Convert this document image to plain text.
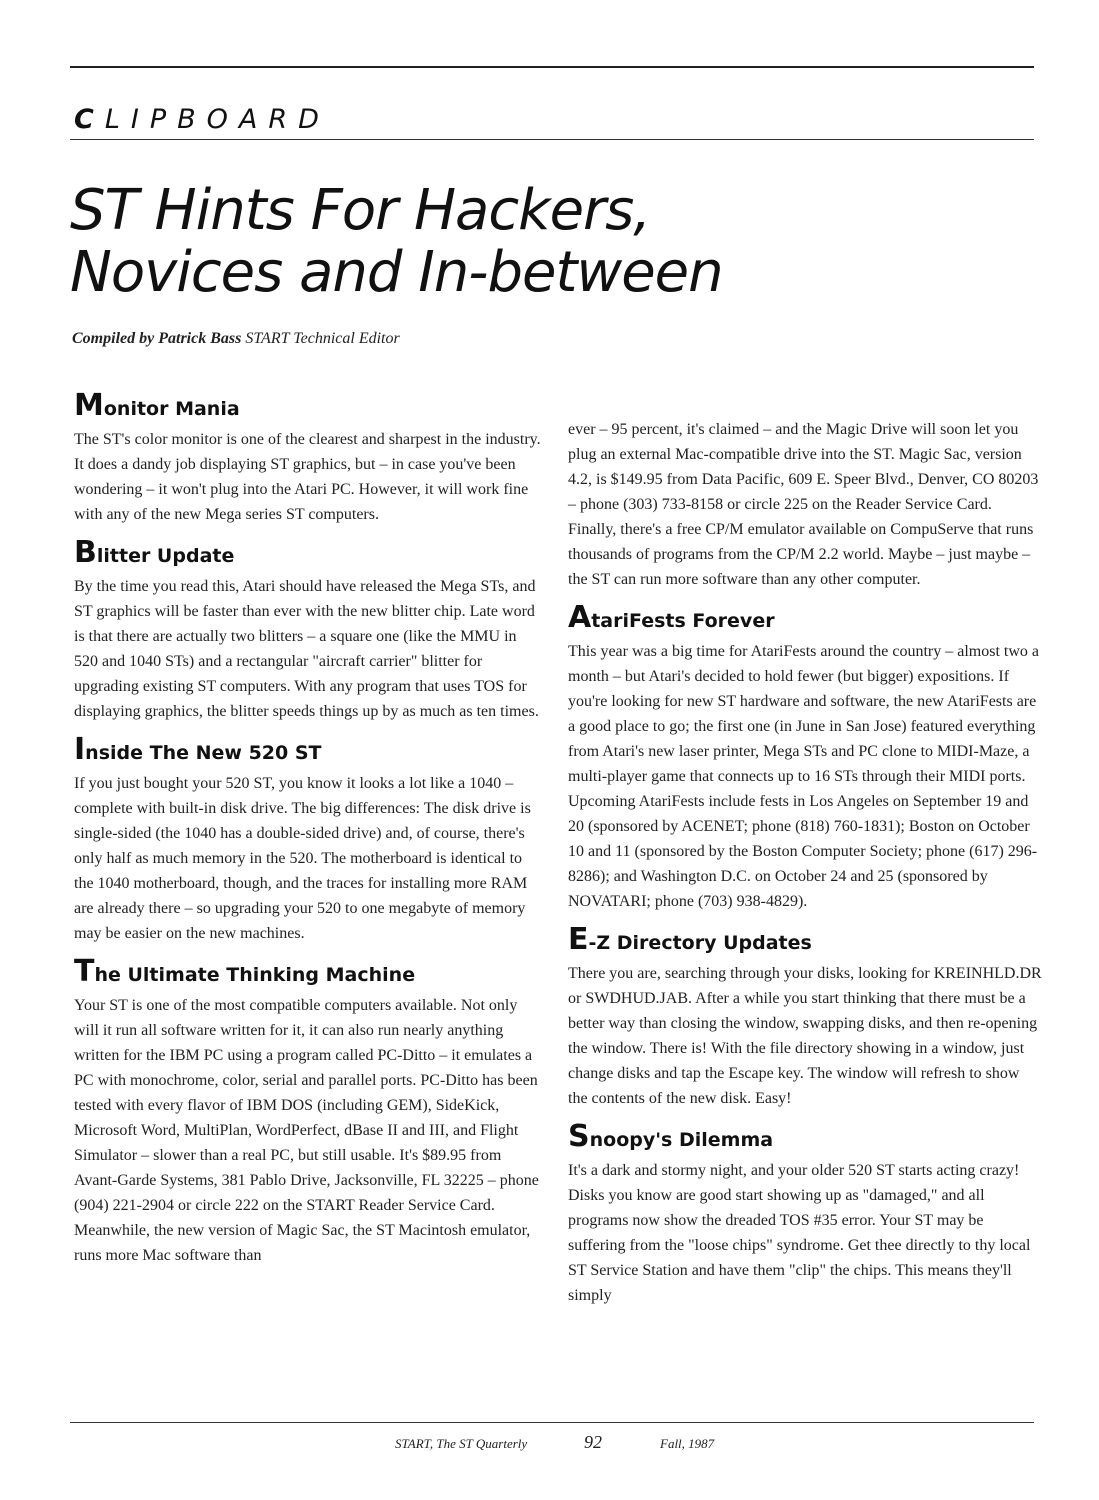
CLIPBOARD
ST Hints For Hackers,
Novices and In-between
Compiled by Patrick Bass START Technical Editor
Monitor Mania

The ST's color monitor is one of the clearest and sharpest in the industry. It does a dandy job displaying ST graphics, but – in case you've been wondering – it won't plug into the Atari PC. However, it will work fine with any of the new Mega series ST computers.

Blitter Update

By the time you read this, Atari should have released the Mega STs, and ST graphics will be faster than ever with the new blitter chip. Late word is that there are actually two blitters – a square one (like the MMU in 520 and 1040 STs) and a rectangular "aircraft carrier" blitter for upgrading existing ST computers. With any program that uses TOS for displaying graphics, the blitter speeds things up by as much as ten times.

Inside The New 520 ST

If you just bought your 520 ST, you know it looks a lot like a 1040 – complete with built-in disk drive. The big differences: The disk drive is single-sided (the 1040 has a double-sided drive) and, of course, there's only half as much memory in the 520. The motherboard is identical to the 1040 motherboard, though, and the traces for installing more RAM are already there – so upgrading your 520 to one megabyte of memory may be easier on the new machines.

The Ultimate Thinking Machine

Your ST is one of the most compatible computers available. Not only will it run all software written for it, it can also run nearly anything written for the IBM PC using a program called PC-Ditto – it emulates a PC with monochrome, color, serial and parallel ports. PC-Ditto has been tested with every flavor of IBM DOS (including GEM), SideKick, Microsoft Word, MultiPlan, WordPerfect, dBase II and III, and Flight Simulator – slower than a real PC, but still usable. It's $89.95 from Avant-Garde Systems, 381 Pablo Drive, Jacksonville, FL 32225 – phone (904) 221-2904 or circle 222 on the START Reader Service Card. Meanwhile, the new version of Magic Sac, the ST Macintosh emulator, runs more Mac software than

ever – 95 percent, it's claimed – and the Magic Drive will soon let you plug an external Mac-compatible drive into the ST. Magic Sac, version 4.2, is $149.95 from Data Pacific, 609 E. Speer Blvd., Denver, CO 80203 – phone (303) 733-8158 or circle 225 on the Reader Service Card. Finally, there's a free CP/M emulator available on CompuServe that runs thousands of programs from the CP/M 2.2 world. Maybe – just maybe – the ST can run more software than any other computer.

AtariFests Forever

This year was a big time for AtariFests around the country – almost two a month – but Atari's decided to hold fewer (but bigger) expositions. If you're looking for new ST hardware and software, the new AtariFests are a good place to go; the first one (in June in San Jose) featured everything from Atari's new laser printer, Mega STs and PC clone to MIDI-Maze, a multi-player game that connects up to 16 STs through their MIDI ports. Upcoming AtariFests include fests in Los Angeles on September 19 and 20 (sponsored by ACENET; phone (818) 760-1831); Boston on October 10 and 11 (sponsored by the Boston Computer Society; phone (617) 296-8286); and Washington D.C. on October 24 and 25 (sponsored by NOVATARI; phone (703) 938-4829).

E-Z Directory Updates

There you are, searching through your disks, looking for KREINHLD.DR or SWDHUD.JAB. After a while you start thinking that there must be a better way than closing the window, swapping disks, and then re-opening the window. There is! With the file directory showing in a window, just change disks and tap the Escape key. The window will refresh to show the contents of the new disk. Easy!

Snoopy's Dilemma

It's a dark and stormy night, and your older 520 ST starts acting crazy! Disks you know are good start showing up as "damaged," and all programs now show the dreaded TOS #35 error. Your ST may be suffering from the "loose chips" syndrome. Get thee directly to thy local ST Service Station and have them "clip" the chips. This means they'll simply

START, The ST Quarterly	92	Fall, 1987
